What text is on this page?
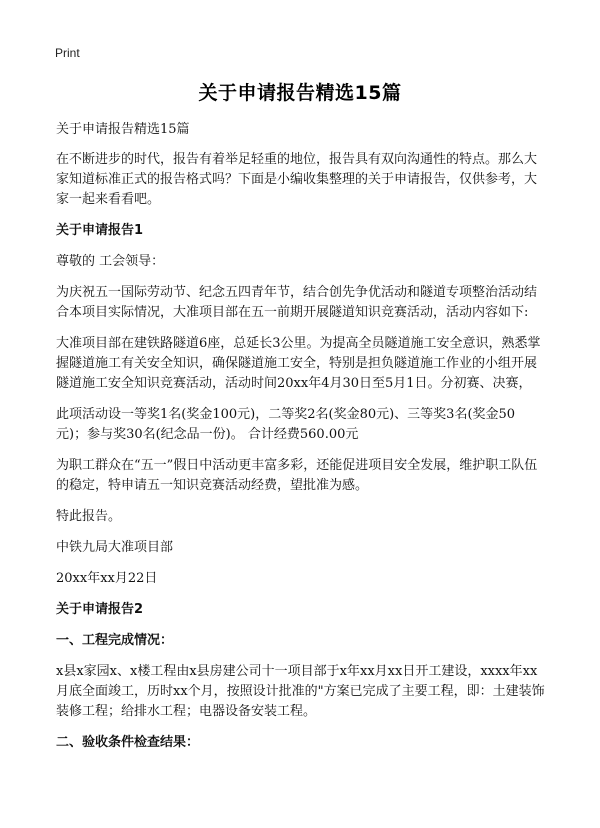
Print
关于申请报告精选15篇

关于申请报告精选15篇

在不断进步的时代，报告有着举足轻重的地位，报告具有双向沟通性的特点。那么大家知道标准正式的报告格式吗？下面是小编收集整理的关于申请报告，仅供参考，大家一起来看看吧。

关于申请报告1

尊敬的 工会领导：

为庆祝五一国际劳动节、纪念五四青年节，结合创先争优活动和隧道专项整治活动结合本项目实际情况，大准项目部在五一前期开展隧道知识竞赛活动，活动内容如下:

大准项目部在建铁路隧道6座，总延长3公里。为提高全员隧道施工安全意识，熟悉掌握隧道施工有关安全知识，确保隧道施工安全，特别是担负隧道施工作业的小组开展隧道施工安全知识竞赛活动，活动时间20xx年4月30日至5月1日。分初赛、决赛，

此项活动设一等奖1名(奖金100元)，二等奖2名(奖金80元)、三等奖3名(奖金50元)；参与奖30名(纪念品一份)。 合计经费560.00元

为职工群众在“五一”假日中活动更丰富多彩，还能促进项目安全发展，维护职工队伍的稳定，特申请五一知识竞赛活动经费，望批准为感。

特此报告。

中铁九局大准项目部

20xx年xx月22日

关于申请报告2

一、工程完成情况：

x县x家园x、x楼工程由x县房建公司十一项目部于x年xx月xx日开工建设，xxxx年xx月底全面竣工，历时xx个月，按照设计批准的"方案已完成了主要工程，即：土建装饰装修工程；给排水工程；电器设备安装工程。

二、验收条件检查结果：
